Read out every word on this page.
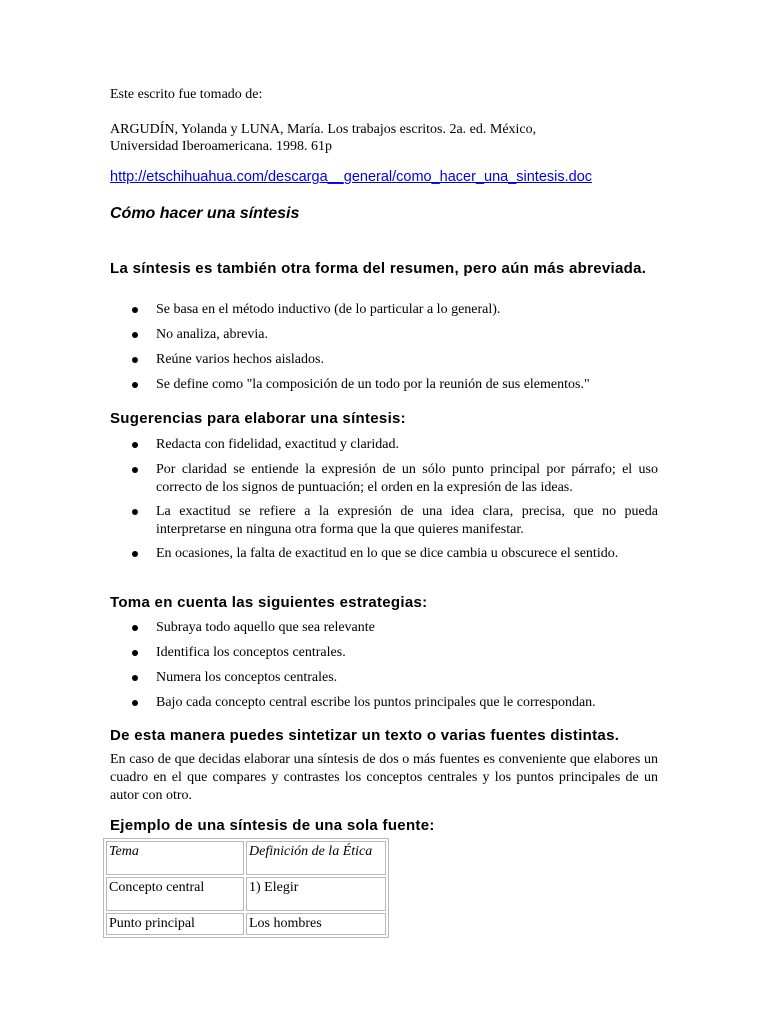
Este escrito fue tomado de:

ARGUDÍN, Yolanda y LUNA, María. Los trabajos escritos. 2a. ed. México,

Universidad Iberoamericana. 1998. 61p

http://etschihuahua.com/descarga__general/como_hacer_una_sintesis.doc

Cómo hacer una síntesis

La síntesis es también otra forma del resumen, pero aún más abreviada.
Se basa en el método inductivo (de lo particular a lo general).
No analiza, abrevia.
Reúne varios hechos aislados.
Se define como "la composición de un todo por la reunión de sus elementos."

Sugerencias para elaborar una síntesis:

Redacta con fidelidad, exactitud y claridad.
Por claridad se entiende la expresión de un sólo punto principal por párrafo; el uso correcto de los signos de puntuación; el orden en la expresión de las ideas.
La exactitud se refiere a la expresión de una idea clara, precisa, que no pueda interpretarse en ninguna otra forma que la que quieres manifestar.
En ocasiones, la falta de exactitud en lo que se dice cambia u obscurece el sentido.

Toma en cuenta las siguientes estrategias:

Subraya todo aquello que sea relevante
Identifica los conceptos centrales.
Numera los conceptos centrales.
Bajo cada concepto central escribe los puntos principales que le correspondan.

De esta manera puedes sintetizar un texto o varias fuentes distintas.

En caso de que decidas elaborar una síntesis de dos o más fuentes es conveniente que elabores un cuadro en el que compares y contrastes los conceptos centrales y los puntos principales de un autor con otro.

Ejemplo de una síntesis de una sola fuente:

Tema	Definición de la Ética
Concepto central	1) Elegir
Punto principal	Los hombres
